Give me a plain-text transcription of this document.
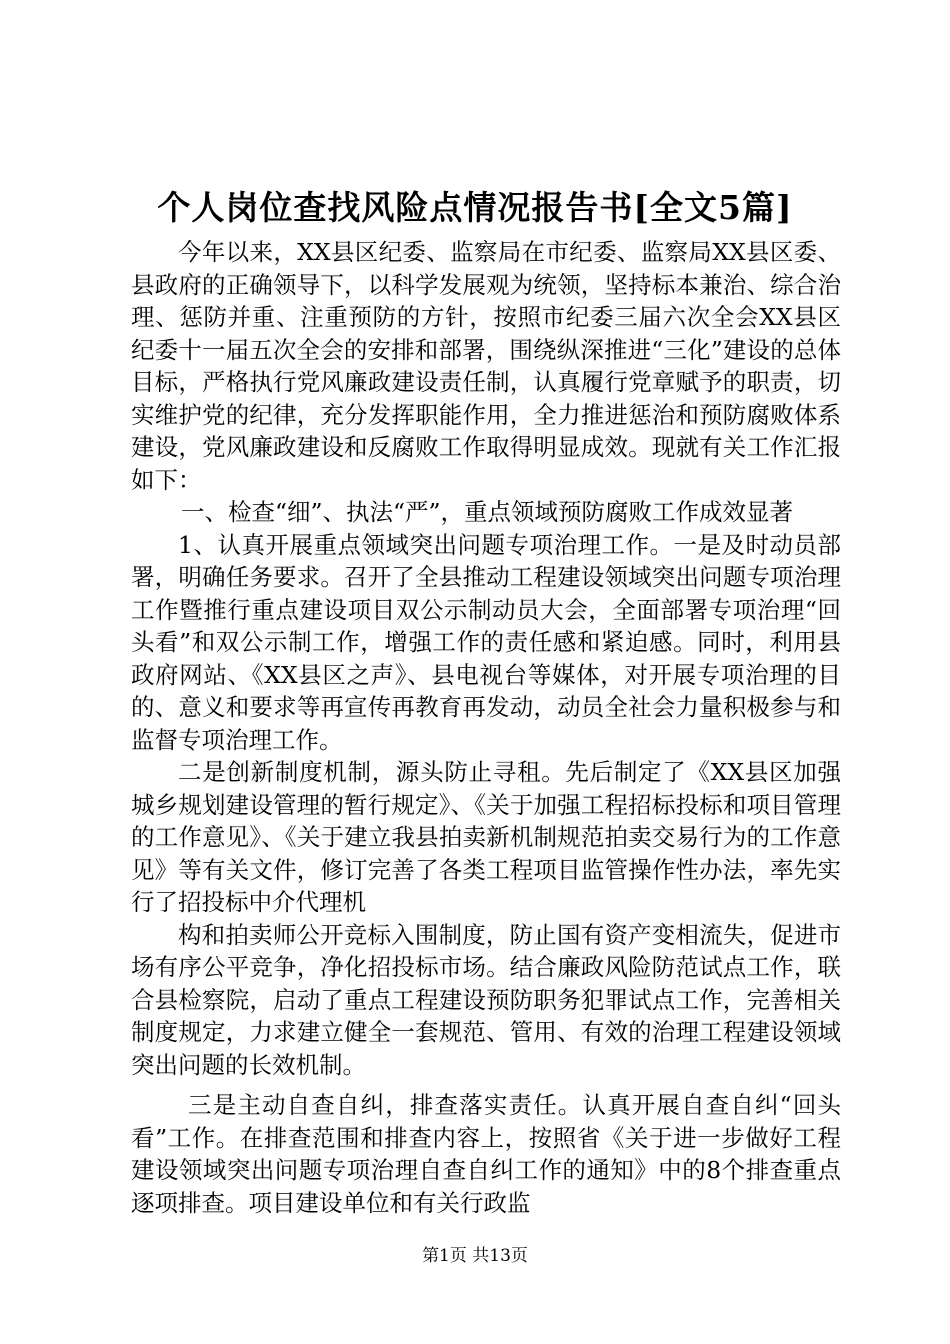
个人岗位查找风险点情况报告书[全文5篇]

今年以来，XX县区纪委、监察局在市纪委、监察局XX县区委、县政府的正确领导下，以科学发展观为统领，坚持标本兼治、综合治理、惩防并重、注重预防的方针，按照市纪委三届六次全会XX县区纪委十一届五次全会的安排和部署，围绕纵深推进“三化”建设的总体目标，严格执行党风廉政建设责任制，认真履行党章赋予的职责，切实维护党的纪律，充分发挥职能作用，全力推进惩治和预防腐败体系建设，党风廉政建设和反腐败工作取得明显成效。现就有关工作汇报如下：

一、检查“细”、执法“严”，重点领域预防腐败工作成效显著

1、认真开展重点领域突出问题专项治理工作。一是及时动员部署，明确任务要求。召开了全县推动工程建设领域突出问题专项治理工作暨推行重点建设项目双公示制动员大会，全面部署专项治理“回头看”和双公示制工作，增强工作的责任感和紧迫感。同时，利用县政府网站、《XX县区之声》、县电视台等媒体，对开展专项治理的目的、意义和要求等再宣传再教育再发动，动员全社会力量积极参与和监督专项治理工作。

二是创新制度机制，源头防止寻租。先后制定了《XX县区加强城乡规划建设管理的暂行规定》、《关于加强工程招标投标和项目管理的工作意见》、《关于建立我县拍卖新机制规范拍卖交易行为的工作意见》等有关文件，修订完善了各类工程项目监管操作性办法，率先实行了招投标中介代理机

构和拍卖师公开竞标入围制度，防止国有资产变相流失，促进市场有序公平竞争，净化招投标市场。结合廉政风险防范试点工作，联合县检察院，启动了重点工程建设预防职务犯罪试点工作，完善相关制度规定，力求建立健全一套规范、管用、有效的治理工程建设领域突出问题的长效机制。

三是主动自查自纠，排查落实责任。认真开展自查自纠“回头看”工作。在排查范围和排查内容上，按照省《关于进一步做好工程建设领域突出问题专项治理自查自纠工作的通知》中的8个排查重点逐项排查。项目建设单位和有关行政监

第1页 共13页
